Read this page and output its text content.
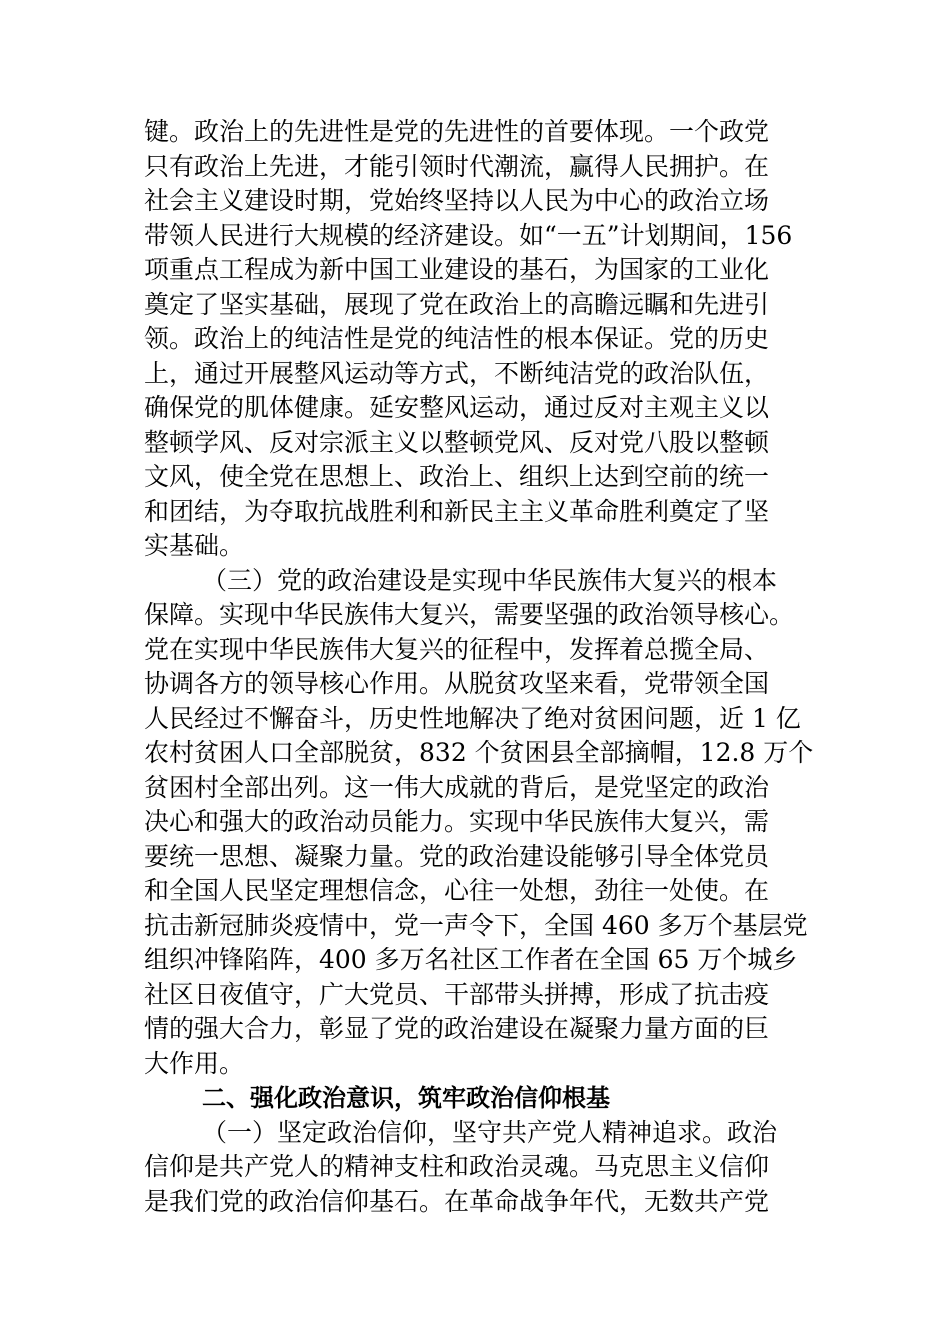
键。政治上的先进性是党的先进性的首要体现。一个政党
只有政治上先进，才能引领时代潮流，赢得人民拥护。在
社会主义建设时期，党始终坚持以人民为中心的政治立场
带领人民进行大规模的经济建设。如“一五”计划期间，156
项重点工程成为新中国工业建设的基石，为国家的工业化
奠定了坚实基础，展现了党在政治上的高瞻远瞩和先进引
领。政治上的纯洁性是党的纯洁性的根本保证。党的历史
上，通过开展整风运动等方式，不断纯洁党的政治队伍，
确保党的肌体健康。延安整风运动，通过反对主观主义以
整顿学风、反对宗派主义以整顿党风、反对党八股以整顿
文风，使全党在思想上、政治上、组织上达到空前的统一
和团结，为夺取抗战胜利和新民主主义革命胜利奠定了坚
实基础。
（三）党的政治建设是实现中华民族伟大复兴的根本
保障。实现中华民族伟大复兴，需要坚强的政治领导核心。
党在实现中华民族伟大复兴的征程中，发挥着总揽全局、
协调各方的领导核心作用。从脱贫攻坚来看，党带领全国
人民经过不懈奋斗，历史性地解决了绝对贫困问题，近 1 亿
农村贫困人口全部脱贫，832 个贫困县全部摘帽，12.8 万个
贫困村全部出列。这一伟大成就的背后，是党坚定的政治
决心和强大的政治动员能力。实现中华民族伟大复兴，需
要统一思想、凝聚力量。党的政治建设能够引导全体党员
和全国人民坚定理想信念，心往一处想，劲往一处使。在
抗击新冠肺炎疫情中，党一声令下，全国 460 多万个基层党
组织冲锋陷阵，400 多万名社区工作者在全国 65 万个城乡
社区日夜值守，广大党员、干部带头拼搏，形成了抗击疫
情的强大合力，彰显了党的政治建设在凝聚力量方面的巨
大作用。
二、强化政治意识，筑牢政治信仰根基
（一）坚定政治信仰，坚守共产党人精神追求。政治
信仰是共产党人的精神支柱和政治灵魂。马克思主义信仰
是我们党的政治信仰基石。在革命战争年代，无数共产党
